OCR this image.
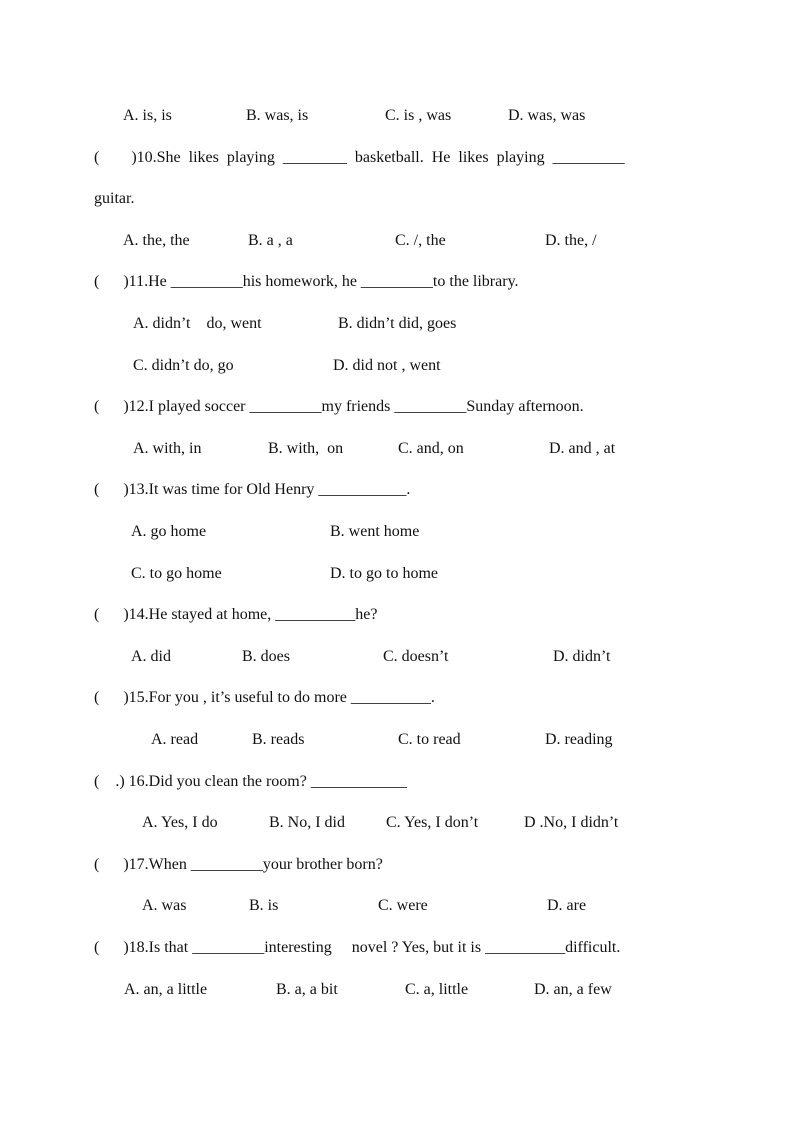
A. is, is	B. was, is	C. is , was	D. was, was
(        )10.She  likes  playing  ________  basketball.  He  likes  playing  _________
guitar.
A. the, the	B. a , a	C. /, the	D. the, /
(      )11.He _________his homework, he _________to the library.
A. didn’t    do, went	B. didn’t did, goes
C. didn’t do, go	D. did not , went
(      )12.I played soccer _________my friends _________Sunday afternoon.
A. with, in	B. with,  on	C. and, on	D. and , at
(      )13.It was time for Old Henry ___________.
A. go home	B. went home
C. to go home	D. to go to home
(      )14.He stayed at home, __________he?
A. did	B. does	C. doesn’t	D. didn’t
(      )15.For you , it’s useful to do more __________.
A. read	B. reads	C. to read	D. reading
(    .) 16.Did you clean the room? ____________
A. Yes, I do	B. No, I did	C. Yes, I don’t	D .No, I didn’t
(      )17.When _________your brother born?
A. was	B. is	C. were	D. are
(      )18.Is that _________interesting     novel ? Yes, but it is __________difficult.
A. an, a little	B. a, a bit	C. a, little	D. an, a few
